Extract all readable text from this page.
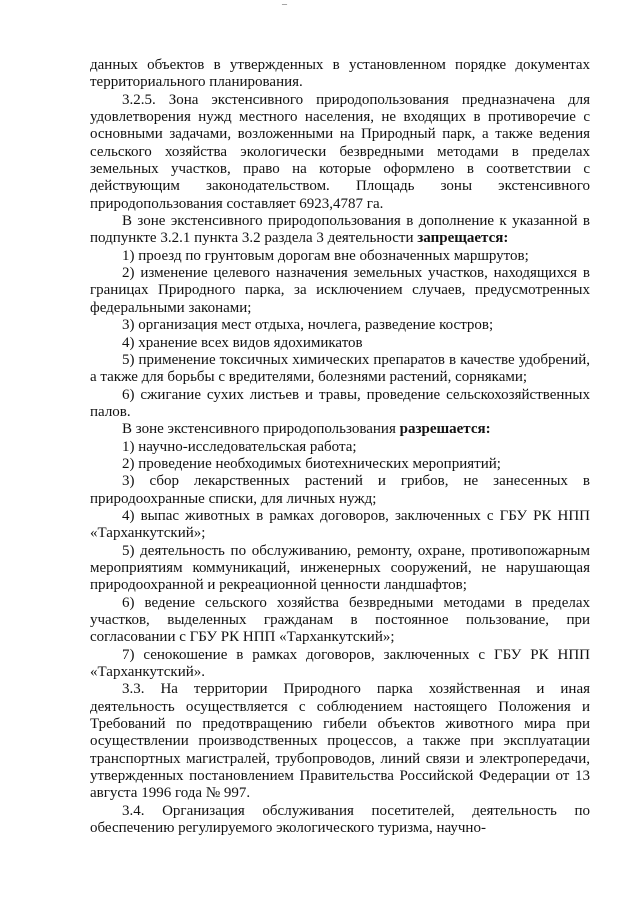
–

данных объектов в утвержденных в установленном порядке документах территориального планирования.

3.2.5. Зона экстенсивного природопользования предназначена для удовлетворения нужд местного населения, не входящих в противоречие с основными задачами, возложенными на Природный парк, а также ведения сельского хозяйства экологически безвредными методами в пределах земельных участков, право на которые оформлено в соответствии с действующим законодательством. Площадь зоны экстенсивного природопользования составляет 6923,4787 га.

В зоне экстенсивного природопользования в дополнение к указанной в подпункте 3.2.1 пункта 3.2 раздела 3 деятельности запрещается:

1) проезд по грунтовым дорогам вне обозначенных маршрутов;

2) изменение целевого назначения земельных участков, находящихся в границах Природного парка, за исключением случаев, предусмотренных федеральными законами;

3) организация мест отдыха, ночлега, разведение костров;

4) хранение всех видов ядохимикатов

5) применение токсичных химических препаратов в качестве удобрений, а также для борьбы с вредителями, болезнями растений, сорняками;

6) сжигание сухих листьев и травы, проведение сельскохозяйственных палов.

В зоне экстенсивного природопользования разрешается:

1) научно-исследовательская работа;

2) проведение необходимых биотехнических мероприятий;

3) сбор лекарственных растений и грибов, не занесенных в природоохранные списки, для личных нужд;

4) выпас животных в рамках договоров, заключенных с ГБУ РК НПП «Тарханкутский»;

5) деятельность по обслуживанию, ремонту, охране, противопожарным мероприятиям коммуникаций, инженерных сооружений, не нарушающая природоохранной и рекреационной ценности ландшафтов;

6) ведение сельского хозяйства безвредными методами в пределах участков, выделенных гражданам в постоянное пользование, при согласовании с ГБУ РК НПП «Тарханкутский»;

7) сенокошение в рамках договоров, заключенных с ГБУ РК НПП «Тарханкутский».

3.3. На территории Природного парка хозяйственная и иная деятельность осуществляется с соблюдением настоящего Положения и Требований по предотвращению гибели объектов животного мира при осуществлении производственных процессов, а также при эксплуатации транспортных магистралей, трубопроводов, линий связи и электропередачи, утвержденных постановлением Правительства Российской Федерации от 13 августа 1996 года № 997.

3.4. Организация обслуживания посетителей, деятельность по обеспечению регулируемого экологического туризма, научно-
